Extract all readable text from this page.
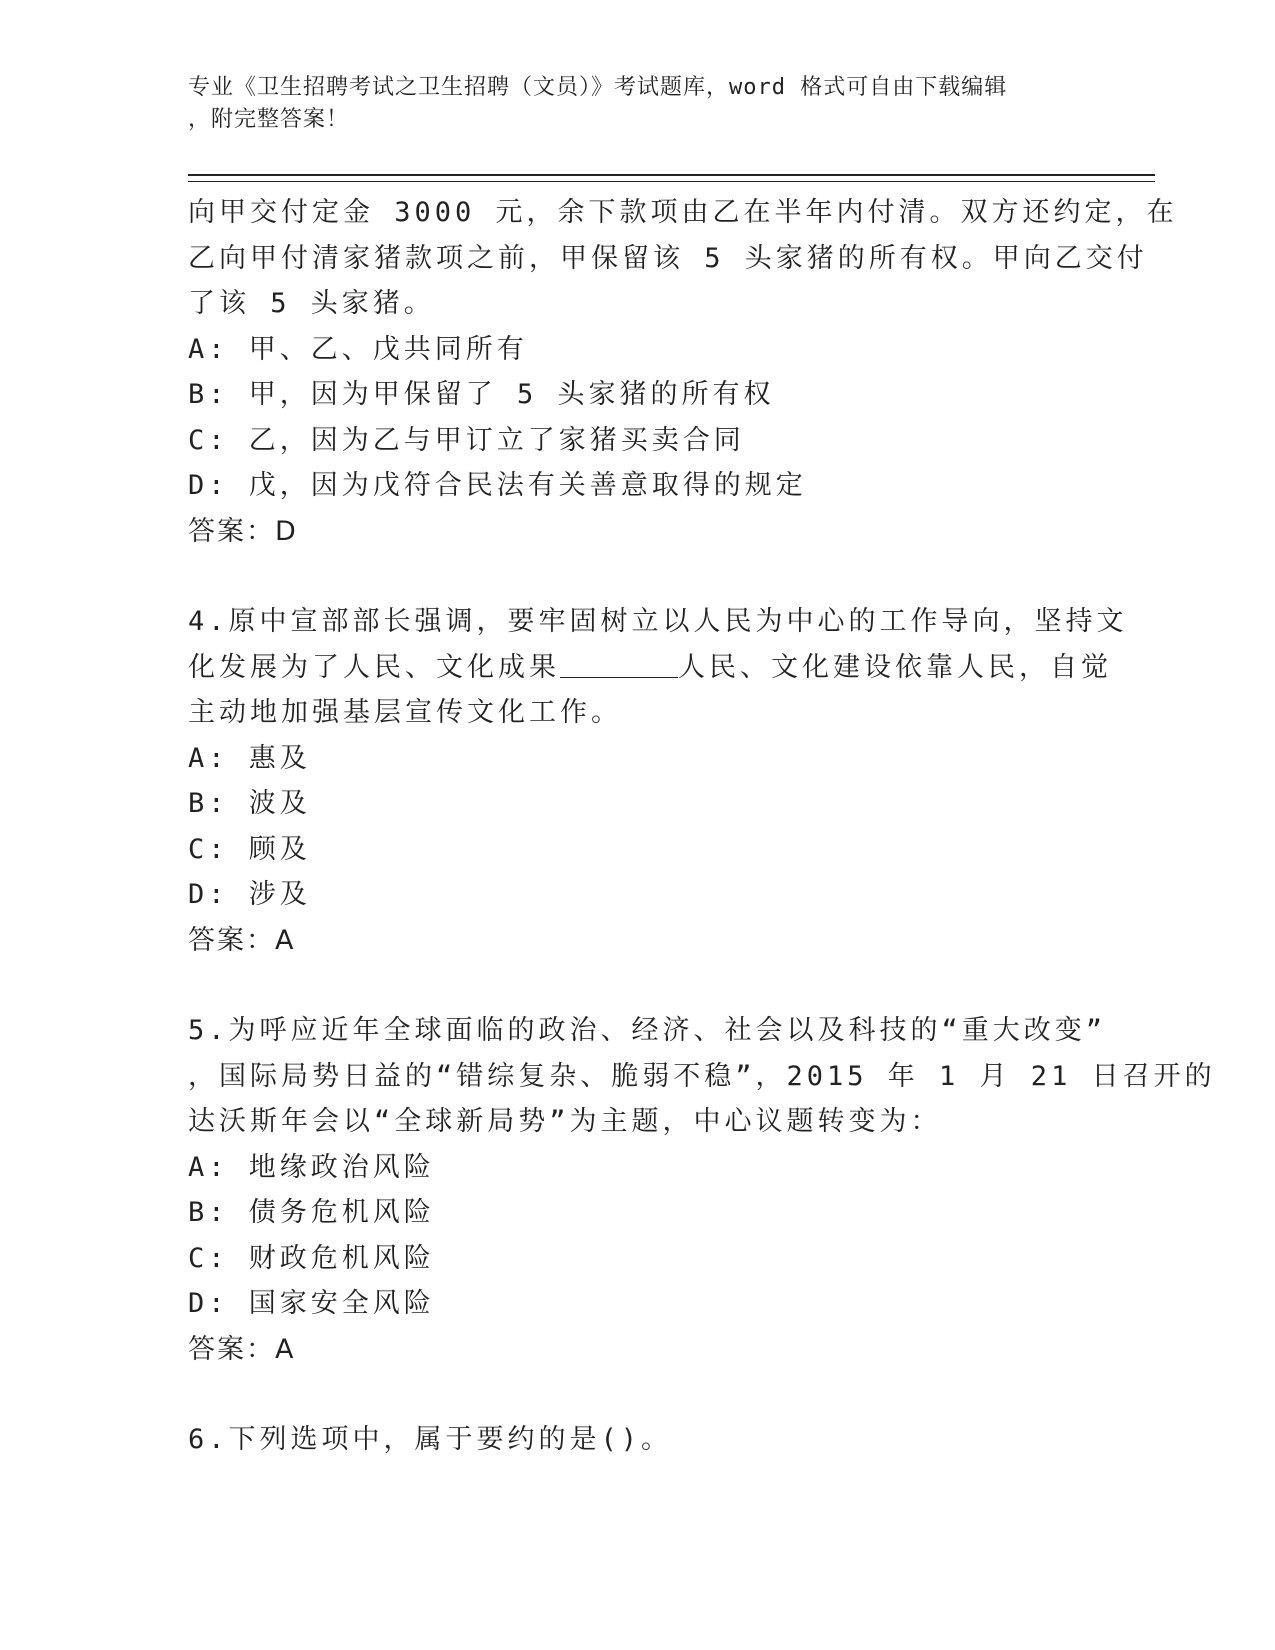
专业《卫生招聘考试之卫生招聘（文员）》考试题库，word 格式可自由下载编辑
，附完整答案！
向甲交付定金 3000 元，余下款项由乙在半年内付清。双方还约定，在
乙向甲付清家猪款项之前，甲保留该 5 头家猪的所有权。甲向乙交付
了该 5 头家猪。
A: 甲、乙、戊共同所有
B: 甲，因为甲保留了 5 头家猪的所有权
C: 乙，因为乙与甲订立了家猪买卖合同
D: 戊，因为戊符合民法有关善意取得的规定
答案：D
4.原中宣部部长强调，要牢固树立以人民为中心的工作导向，坚持文
化发展为了人民、文化成果	人民、文化建设依靠人民，自觉
主动地加强基层宣传文化工作。
A: 惠及
B: 波及
C: 顾及
D: 涉及
答案：A
5.为呼应近年全球面临的政治、经济、社会以及科技的“重大改变”
，国际局势日益的“错综复杂、脆弱不稳”，2015 年 1 月 21 日召开的
达沃斯年会以“全球新局势”为主题，中心议题转变为：
A: 地缘政治风险
B: 债务危机风险
C: 财政危机风险
D: 国家安全风险
答案：A
6.下列选项中，属于要约的是()。
